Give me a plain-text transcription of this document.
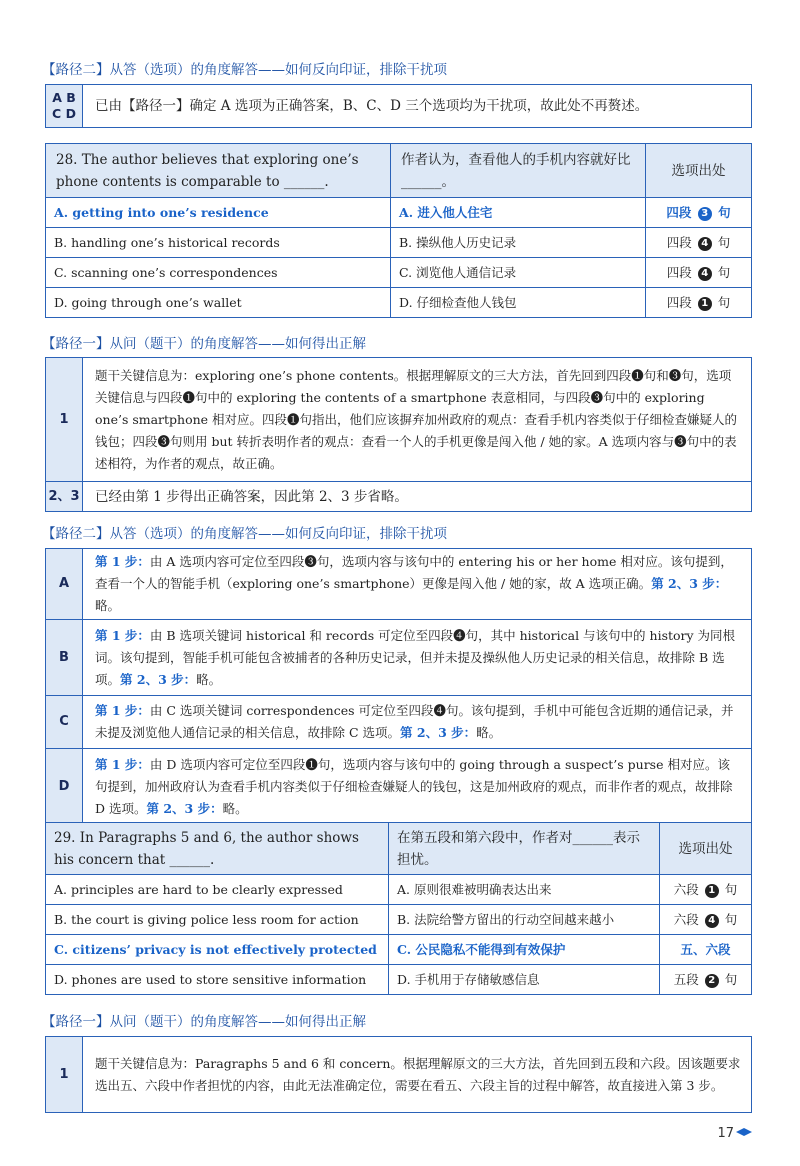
【路径二】从答（选项）的角度解答——如何反向印证，排除干扰项
A B C D	已由【路径一】确定 A 选项为正确答案，B、C、D 三个选项均为干扰项，故此处不再赘述。
28. The author believes that exploring one’s phone contents is comparable to ______.	作者认为，查看他人的手机内容就好比______。	选项出处
A. getting into one’s residence	A. 进入他人住宅	四段 3 句
B. handling one’s historical records	B. 操纵他人历史记录	四段 4 句
C. scanning one’s correspondences	C. 浏览他人通信记录	四段 4 句
D. going through one’s wallet	D. 仔细检查他人钱包	四段 1 句
【路径一】从问（题干）的角度解答——如何得出正解
1	题干关键信息为：exploring one’s phone contents。根据理解原文的三大方法，首先回到四段❶句和❸句，选项关键信息与四段❶句中的 exploring the contents of a smartphone 表意相同，与四段❸句中的 exploring one’s smartphone 相对应。四段❶句指出，他们应该摒弃加州政府的观点：查看手机内容类似于仔细检查嫌疑人的钱包；四段❸句则用 but 转折表明作者的观点：查看一个人的手机更像是闯入他 / 她的家。A 选项内容与❸句中的表述相符，为作者的观点，故正确。
2、3	已经由第 1 步得出正确答案，因此第 2、3 步省略。
【路径二】从答（选项）的角度解答——如何反向印证，排除干扰项
A	第 1 步：由 A 选项内容可定位至四段❸句，选项内容与该句中的 entering his or her home 相对应。该句提到，查看一个人的智能手机（exploring one’s smartphone）更像是闯入他 / 她的家，故 A 选项正确。第 2、3 步：略。
B	第 1 步：由 B 选项关键词 historical 和 records 可定位至四段❹句，其中 historical 与该句中的 history 为同根词。该句提到，智能手机可能包含被捕者的各种历史记录，但并未提及操纵他人历史记录的相关信息，故排除 B 选项。第 2、3 步：略。
C	第 1 步：由 C 选项关键词 correspondences 可定位至四段❹句。该句提到，手机中可能包含近期的通信记录，并未提及浏览他人通信记录的相关信息，故排除 C 选项。第 2、3 步：略。
D	第 1 步：由 D 选项内容可定位至四段❶句，选项内容与该句中的 going through a suspect’s purse 相对应。该句提到，加州政府认为查看手机内容类似于仔细检查嫌疑人的钱包，这是加州政府的观点，而非作者的观点，故排除 D 选项。第 2、3 步：略。
29. In Paragraphs 5 and 6, the author shows his concern that ______.	在第五段和第六段中，作者对______表示担忧。	选项出处
A. principles are hard to be clearly expressed	A. 原则很难被明确表达出来	六段 1 句
B. the court is giving police less room for action	B. 法院给警方留出的行动空间越来越小	六段 4 句
C. citizens’ privacy is not effectively protected	C. 公民隐私不能得到有效保护	五、六段
D. phones are used to store sensitive information	D. 手机用于存储敏感信息	五段 2 句
【路径一】从问（题干）的角度解答——如何得出正解
1	题干关键信息为：Paragraphs 5 and 6 和 concern。根据理解原文的三大方法，首先回到五段和六段。因该题要求选出五、六段中作者担忧的内容，由此无法准确定位，需要在看五、六段主旨的过程中解答，故直接进入第 3 步。
17
